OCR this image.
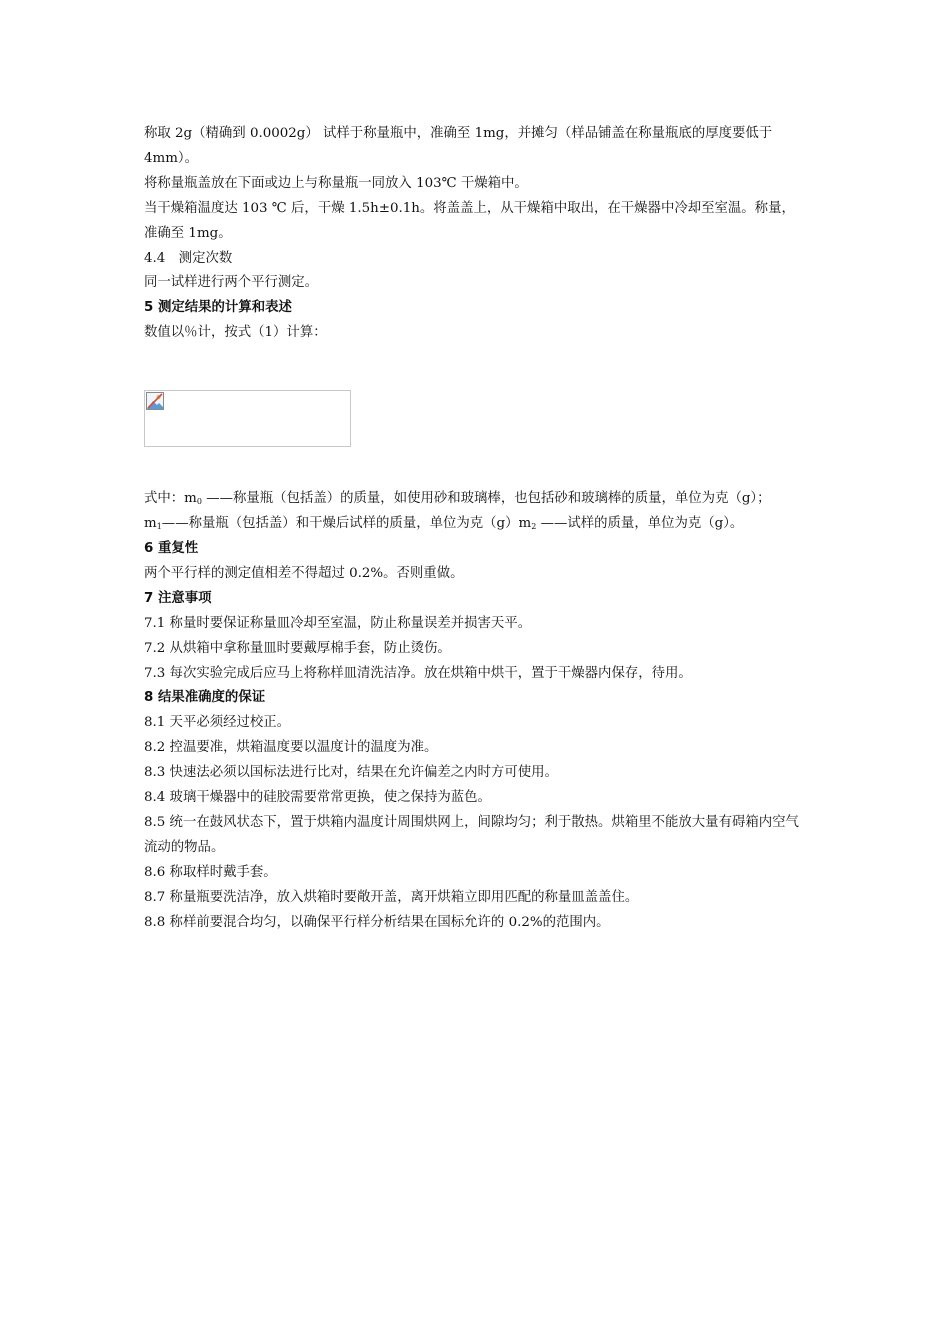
称取 2g（精确到 0.0002g） 试样于称量瓶中，准确至 1mg，并摊匀（样品铺盖在称量瓶底的厚度要低于 4mm）。

将称量瓶盖放在下面或边上与称量瓶一同放入 103℃ 干燥箱中。

当干燥箱温度达 103 ℃ 后，干燥 1.5h±0.1h。将盖盖上，从干燥箱中取出，在干燥器中冷却至室温。称量，准确至 1mg。

4.4　测定次数

同一试样进行两个平行测定。

5 测定结果的计算和表述

数值以％计，按式（1）计算：

式中：$m_0$ ——称量瓶（包括盖）的质量，如使用砂和玻璃棒，也包括砂和玻璃棒的质量，单位为克（g）；

$m_1——$称量瓶（包括盖）和干燥后试样的质量，单位为克$(g)m_2$ ——试样的质量，单位为克（g）。

6 重复性

两个平行样的测定值相差不得超过 0.2%。否则重做。

7 注意事项

7.1 称量时要保证称量皿冷却至室温，防止称量误差并损害天平。

7.2 从烘箱中拿称量皿时要戴厚棉手套，防止烫伤。

7.3 每次实验完成后应马上将称样皿清洗洁净。放在烘箱中烘干，置于干燥器内保存，待用。

8 结果准确度的保证

8.1 天平必须经过校正。

8.2 控温要准，烘箱温度要以温度计的温度为准。

8.3 快速法必须以国标法进行比对，结果在允许偏差之内时方可使用。

8.4 玻璃干燥器中的硅胶需要常常更换，使之保持为蓝色。

8.5 统一在鼓风状态下，置于烘箱内温度计周围烘网上，间隙均匀；利于散热。烘箱里不能放大量有碍箱内空气流动的物品。

8.6 称取样时戴手套。

8.7 称量瓶要洗洁净，放入烘箱时要敞开盖，离开烘箱立即用匹配的称量皿盖盖住。

8.8 称样前要混合均匀，以确保平行样分析结果在国标允许的 0.2%的范围内。
